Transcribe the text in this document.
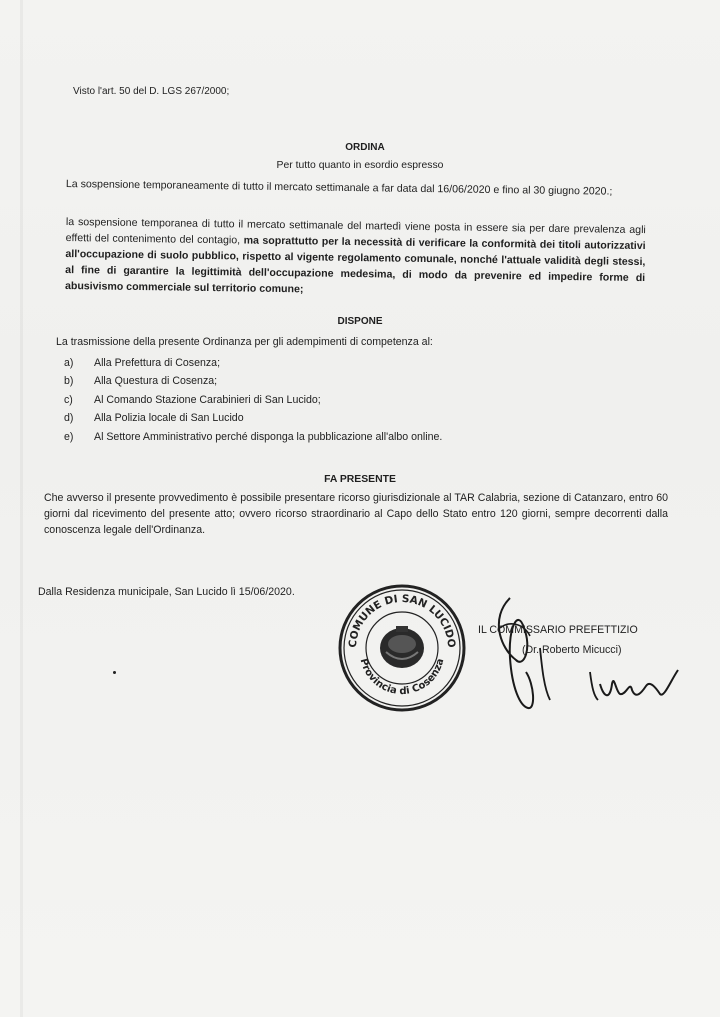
Visto l'art. 50 del D. LGS 267/2000;
ORDINA
Per tutto quanto in esordio espresso
La sospensione temporaneamente di tutto il mercato settimanale a far data dal 16/06/2020 e fino al 30 giugno 2020.;
la sospensione temporanea di tutto il mercato settimanale del martedì viene posta in essere sia per dare prevalenza agli effetti del contenimento del contagio, ma soprattutto per la necessità di verificare la conformità dei titoli autorizzativi all'occupazione di suolo pubblico, rispetto al vigente regolamento comunale, nonché l'attuale validità degli stessi, al fine di garantire la legittimità dell'occupazione medesima, di modo da prevenire ed impedire forme di abusivismo commerciale sul territorio comune;
DISPONE
La trasmissione della presente Ordinanza per gli adempimenti di competenza al:
a) Alla Prefettura di Cosenza;
b) Alla Questura di Cosenza;
c) Al Comando Stazione Carabinieri di San Lucido;
d) Alla Polizia locale di San Lucido
e) Al Settore Amministrativo perché disponga la pubblicazione all'albo online.
FA PRESENTE
Che avverso il presente provvedimento è possibile presentare ricorso giurisdizionale al TAR Calabria, sezione di Catanzaro, entro 60 giorni dal ricevimento del presente atto; ovvero ricorso straordinario al Capo dello Stato entro 120 giorni, sempre decorrenti dalla conoscenza legale dell'Ordinanza.
Dalla Residenza municipale, San Lucido lì 15/06/2020.
COMUNE DI SAN LUCIDO
Provincia di Cosenza
IL COMMISSARIO PREFETTIZIO
(Dr. Roberto Micucci)
